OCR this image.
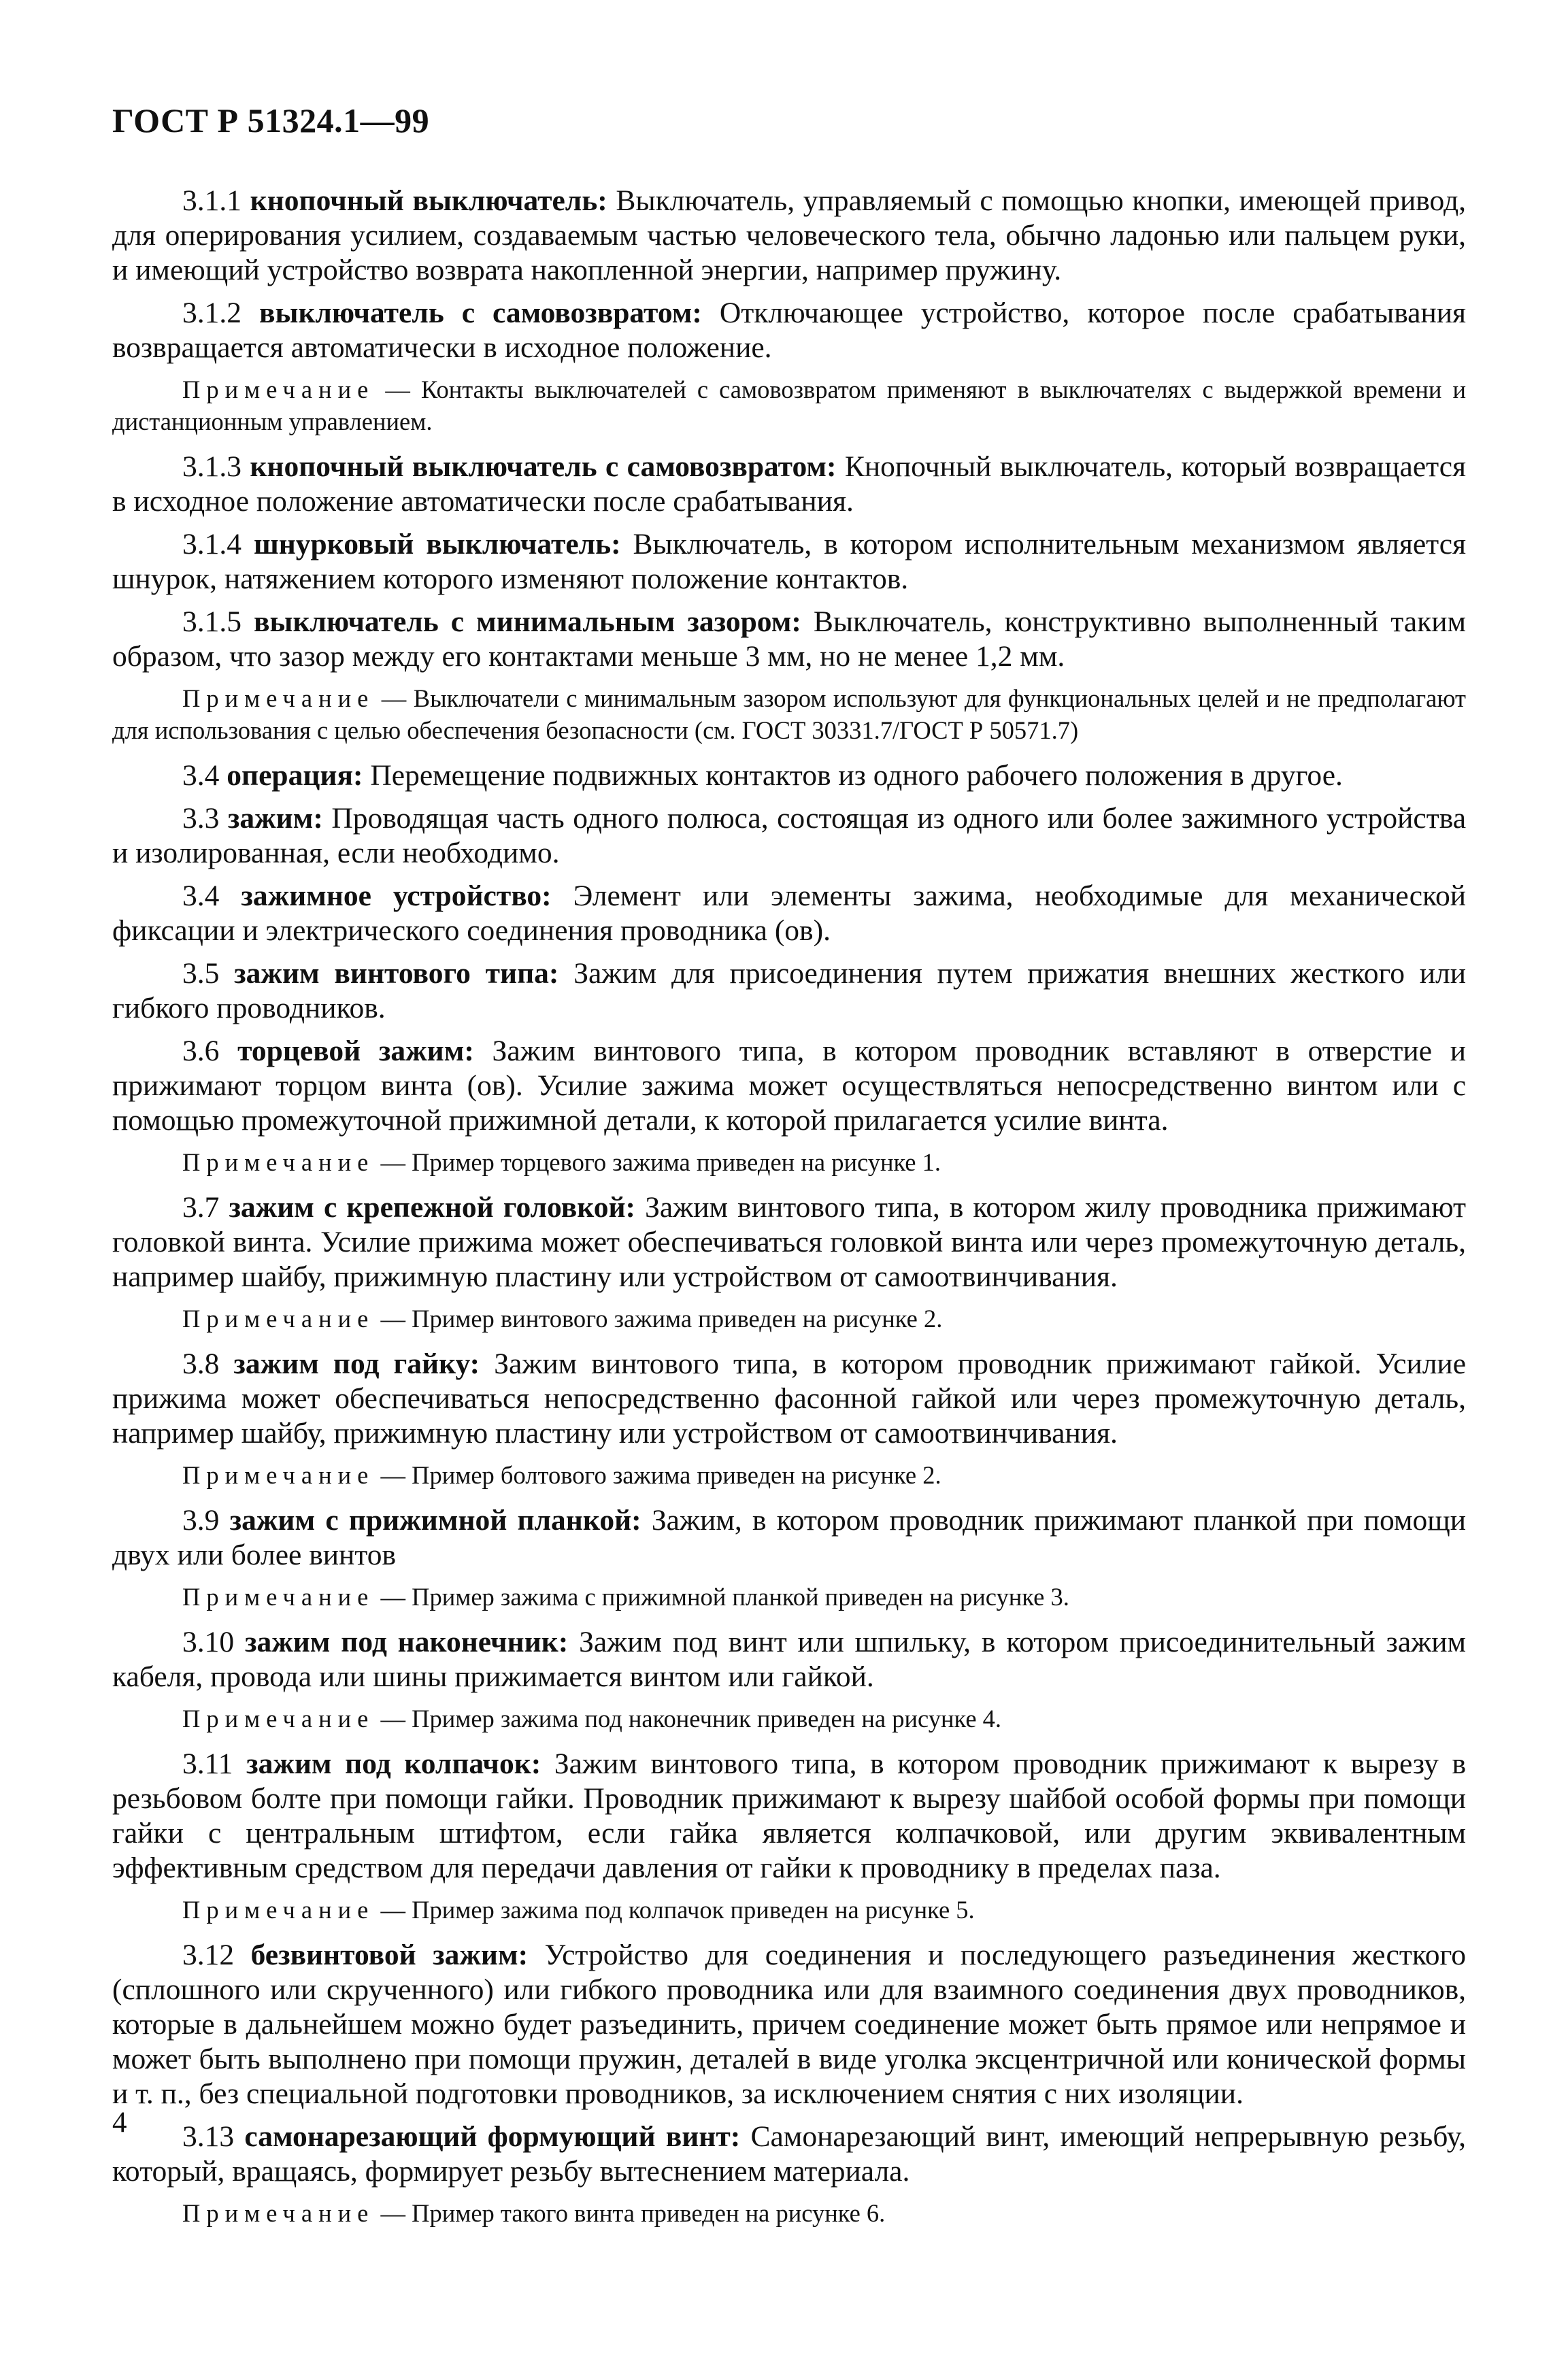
ГОСТ Р 51324.1—99

3.1.1 кнопочный выключатель: Выключатель, управляемый с помощью кнопки, имеющей привод, для оперирования усилием, создаваемым частью человеческого тела, обычно ладонью или пальцем руки, и имеющий устройство возврата накопленной энергии, например пружину.

3.1.2 выключатель с самовозвратом: Отключающее устройство, которое после срабатывания возвращается автоматически в исходное положение.

Примечание — Контакты выключателей с самовозвратом применяют в выключателях с выдержкой времени и дистанционным управлением.

3.1.3 кнопочный выключатель с самовозвратом: Кнопочный выключатель, который возвращается в исходное положение автоматически после срабатывания.

3.1.4 шнурковый выключатель: Выключатель, в котором исполнительным механизмом является шнурок, натяжением которого изменяют положение контактов.

3.1.5 выключатель с минимальным зазором: Выключатель, конструктивно выполненный таким образом, что зазор между его контактами меньше 3 мм, но не менее 1,2 мм.

Примечание — Выключатели с минимальным зазором используют для функциональных целей и не предполагают для использования с целью обеспечения безопасности (см. ГОСТ 30331.7/ГОСТ Р 50571.7)

3.4 операция: Перемещение подвижных контактов из одного рабочего положения в другое.

3.3 зажим: Проводящая часть одного полюса, состоящая из одного или более зажимного устройства и изолированная, если необходимо.

3.4 зажимное устройство: Элемент или элементы зажима, необходимые для механической фиксации и электрического соединения проводника (ов).

3.5 зажим винтового типа: Зажим для присоединения путем прижатия внешних жесткого или гибкого проводников.

3.6 торцевой зажим: Зажим винтового типа, в котором проводник вставляют в отверстие и прижимают торцом винта (ов). Усилие зажима может осуществляться непосредственно винтом или с помощью промежуточной прижимной детали, к которой прилагается усилие винта.

Примечание — Пример торцевого зажима приведен на рисунке 1.

3.7 зажим с крепежной головкой: Зажим винтового типа, в котором жилу проводника прижимают головкой винта. Усилие прижима может обеспечиваться головкой винта или через промежуточную деталь, например шайбу, прижимную пластину или устройством от самоотвинчивания.

Примечание — Пример винтового зажима приведен на рисунке 2.

3.8 зажим под гайку: Зажим винтового типа, в котором проводник прижимают гайкой. Усилие прижима может обеспечиваться непосредственно фасонной гайкой или через промежуточную деталь, например шайбу, прижимную пластину или устройством от самоотвинчивания.

Примечание — Пример болтового зажима приведен на рисунке 2.

3.9 зажим с прижимной планкой: Зажим, в котором проводник прижимают планкой при помощи двух или более винтов

Примечание — Пример зажима с прижимной планкой приведен на рисунке 3.

3.10 зажим под наконечник: Зажим под винт или шпильку, в котором присоединительный зажим кабеля, провода или шины прижимается винтом или гайкой.

Примечание — Пример зажима под наконечник приведен на рисунке 4.

3.11 зажим под колпачок: Зажим винтового типа, в котором проводник прижимают к вырезу в резьбовом болте при помощи гайки. Проводник прижимают к вырезу шайбой особой формы при помощи гайки с центральным штифтом, если гайка является колпачковой, или другим эквивалентным эффективным средством для передачи давления от гайки к проводнику в пределах паза.

Примечание — Пример зажима под колпачок приведен на рисунке 5.

3.12 безвинтовой зажим: Устройство для соединения и последующего разъединения жесткого (сплошного или скрученного) или гибкого проводника или для взаимного соединения двух проводников, которые в дальнейшем можно будет разъединить, причем соединение может быть прямое или непрямое и может быть выполнено при помощи пружин, деталей в виде уголка эксцентричной или конической формы и т. п., без специальной подготовки проводников, за исключением снятия с них изоляции.

3.13 самонарезающий формующий винт: Самонарезающий винт, имеющий непрерывную резьбу, который, вращаясь, формирует резьбу вытеснением материала.

Примечание — Пример такого винта приведен на рисунке 6.

4
